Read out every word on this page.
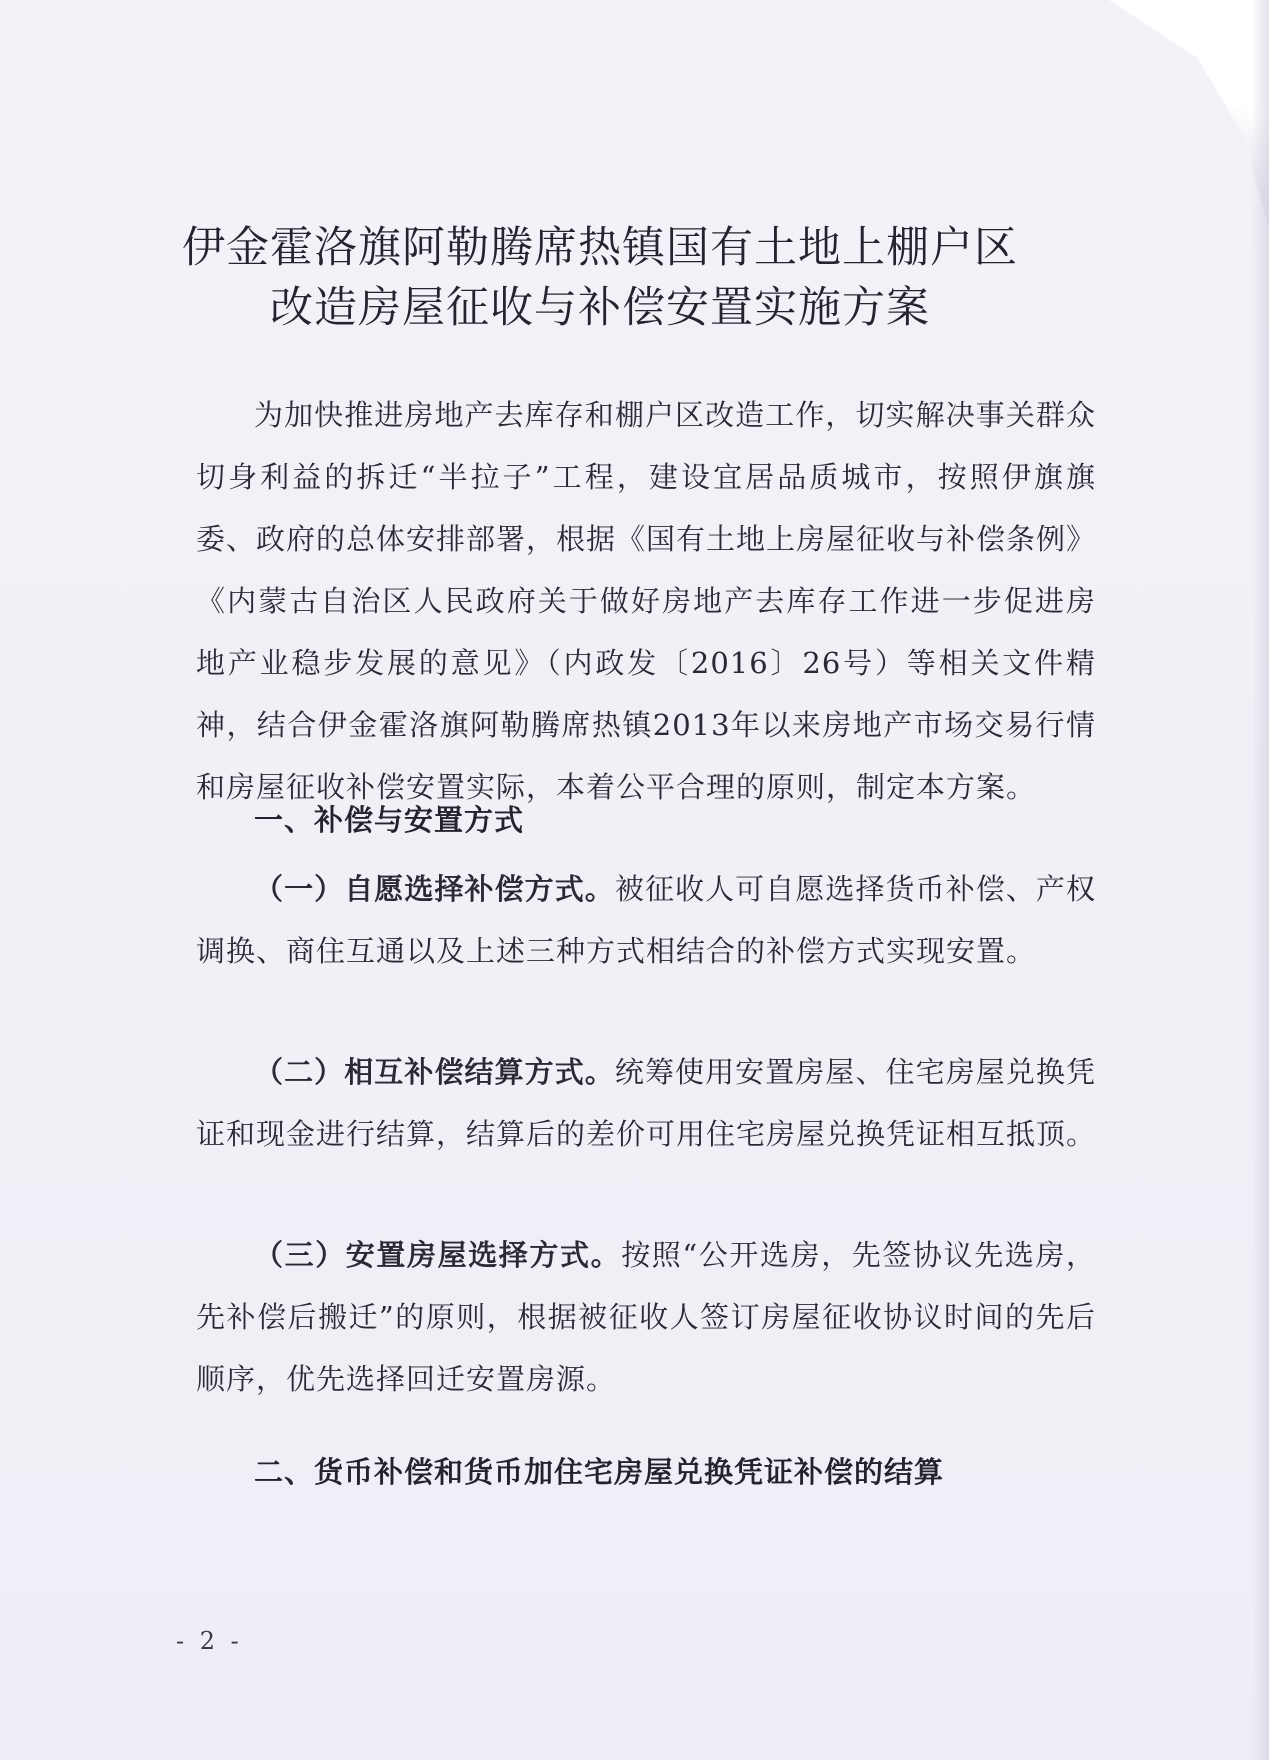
伊金霍洛旗阿勒腾席热镇国有土地上棚户区
改造房屋征收与补偿安置实施方案

为加快推进房地产去库存和棚户区改造工作，切实解决事关群众切身利益的拆迁“半拉子”工程，建设宜居品质城市，按照伊旗旗委、政府的总体安排部署，根据《国有土地上房屋征收与补偿条例》《内蒙古自治区人民政府关于做好房地产去库存工作进一步促进房地产业稳步发展的意见》（内政发〔2016〕26号）等相关文件精神，结合伊金霍洛旗阿勒腾席热镇2013年以来房地产市场交易行情和房屋征收补偿安置实际，本着公平合理的原则，制定本方案。

一、补偿与安置方式

（一）自愿选择补偿方式。被征收人可自愿选择货币补偿、产权调换、商住互通以及上述三种方式相结合的补偿方式实现安置。

（二）相互补偿结算方式。统筹使用安置房屋、住宅房屋兑换凭证和现金进行结算，结算后的差价可用住宅房屋兑换凭证相互抵顶。

（三）安置房屋选择方式。按照“公开选房，先签协议先选房，先补偿后搬迁”的原则，根据被征收人签订房屋征收协议时间的先后顺序，优先选择回迁安置房源。

二、货币补偿和货币加住宅房屋兑换凭证补偿的结算
- 2 -
